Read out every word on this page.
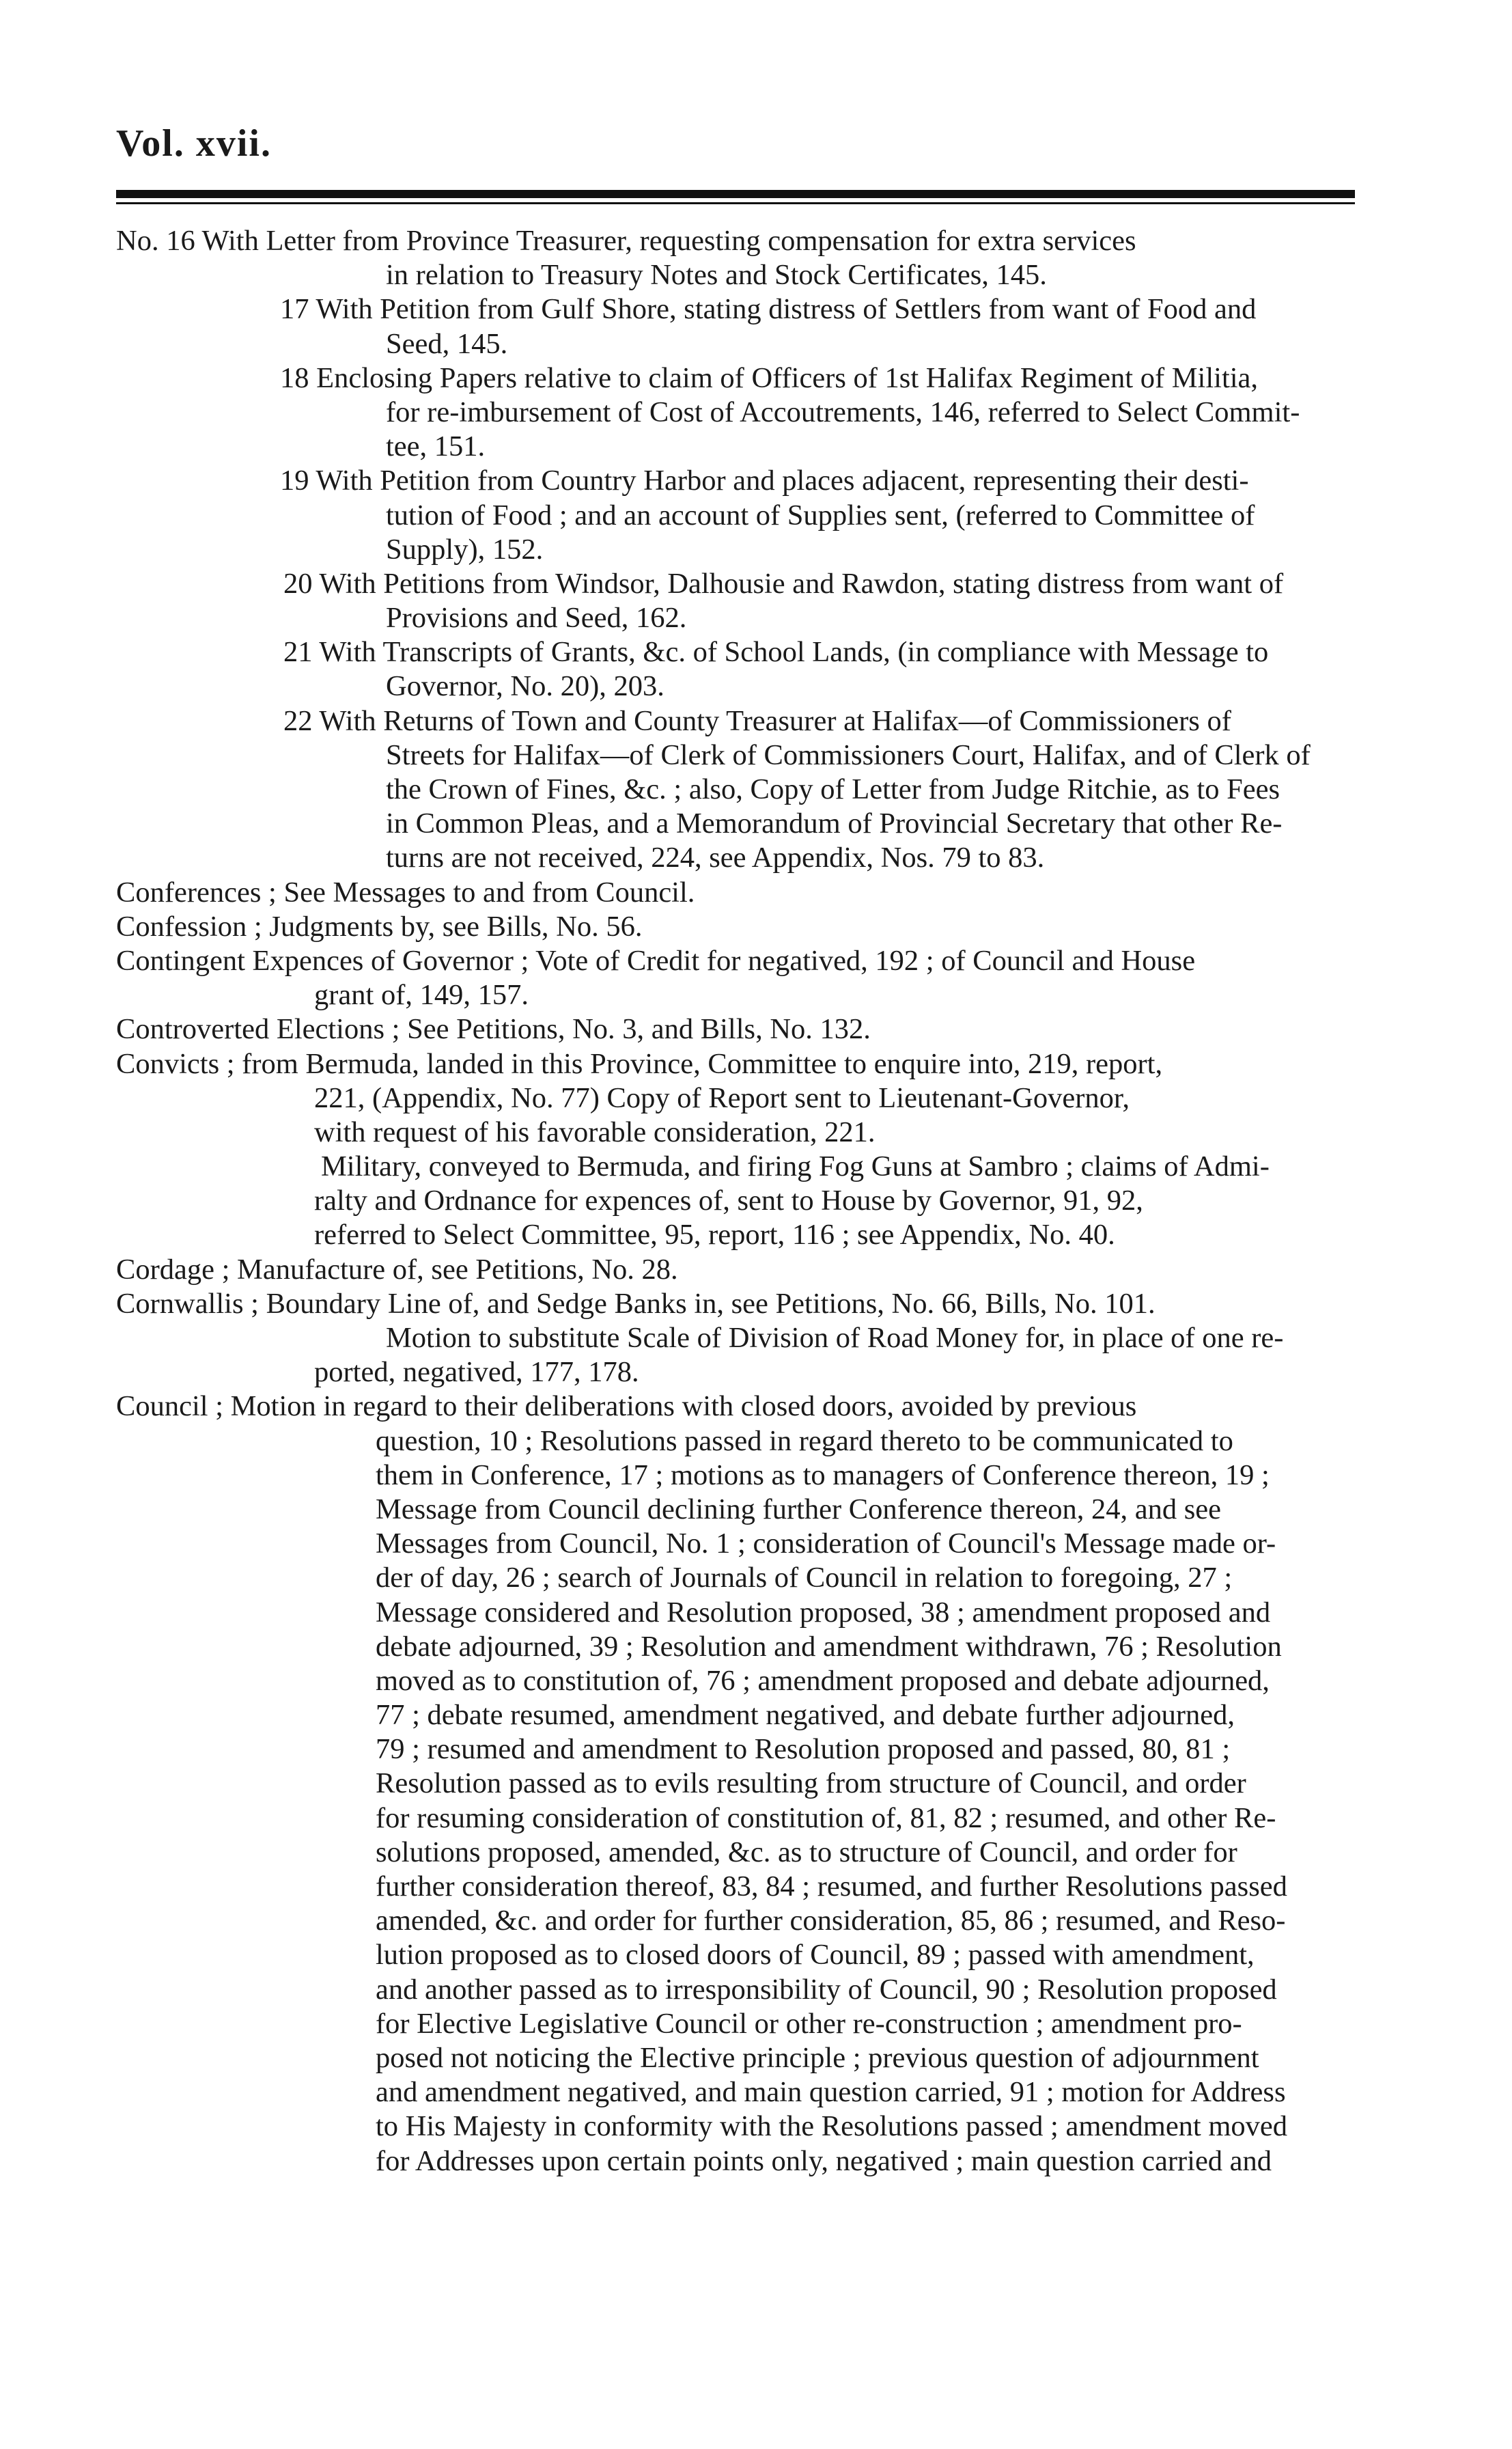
Vol. xvii.
No. 16 With Letter from Province Treasurer, requesting compensation for extra services
in relation to Treasury Notes and Stock Certificates, 145.
17 With Petition from Gulf Shore, stating distress of Settlers from want of Food and
Seed, 145.
18 Enclosing Papers relative to claim of Officers of 1st Halifax Regiment of Militia,
for re-imbursement of Cost of Accoutrements, 146, referred to Select Commit-
tee, 151.
19 With Petition from Country Harbor and places adjacent, representing their desti-
tution of Food ; and an account of Supplies sent, (referred to Committee of
Supply), 152.
20 With Petitions from Windsor, Dalhousie and Rawdon, stating distress from want of
Provisions and Seed, 162.
21 With Transcripts of Grants, &c. of School Lands, (in compliance with Message to
Governor, No. 20), 203.
22 With Returns of Town and County Treasurer at Halifax—of Commissioners of
Streets for Halifax—of Clerk of Commissioners Court, Halifax, and of Clerk of
the Crown of Fines, &c. ; also, Copy of Letter from Judge Ritchie, as to Fees
in Common Pleas, and a Memorandum of Provincial Secretary that other Re-
turns are not received, 224, see Appendix, Nos. 79 to 83.
Conferences ; See Messages to and from Council.
Confession ; Judgments by, see Bills, No. 56.
Contingent Expences of Governor ; Vote of Credit for negatived, 192 ; of Council and House
grant of, 149, 157.
Controverted Elections ; See Petitions, No. 3, and Bills, No. 132.
Convicts ; from Bermuda, landed in this Province, Committee to enquire into, 219, report,
221, (Appendix, No. 77) Copy of Report sent to Lieutenant-Governor,
with request of his favorable consideration, 221.
Military, conveyed to Bermuda, and firing Fog Guns at Sambro ; claims of Admi-
ralty and Ordnance for expences of, sent to House by Governor, 91, 92,
referred to Select Committee, 95, report, 116 ; see Appendix, No. 40.
Cordage ; Manufacture of, see Petitions, No. 28.
Cornwallis ; Boundary Line of, and Sedge Banks in, see Petitions, No. 66, Bills, No. 101.
Motion to substitute Scale of Division of Road Money for, in place of one re-
ported, negatived, 177, 178.
Council ; Motion in regard to their deliberations with closed doors, avoided by previous
question, 10 ; Resolutions passed in regard thereto to be communicated to
them in Conference, 17 ; motions as to managers of Conference thereon, 19 ;
Message from Council declining further Conference thereon, 24, and see
Messages from Council, No. 1 ; consideration of Council's Message made or-
der of day, 26 ; search of Journals of Council in relation to foregoing, 27 ;
Message considered and Resolution proposed, 38 ; amendment proposed and
debate adjourned, 39 ; Resolution and amendment withdrawn, 76 ; Resolution
moved as to constitution of, 76 ; amendment proposed and debate adjourned,
77 ; debate resumed, amendment negatived, and debate further adjourned,
79 ; resumed and amendment to Resolution proposed and passed, 80, 81 ;
Resolution passed as to evils resulting from structure of Council, and order
for resuming consideration of constitution of, 81, 82 ; resumed, and other Re-
solutions proposed, amended, &c. as to structure of Council, and order for
further consideration thereof, 83, 84 ; resumed, and further Resolutions passed
amended, &c. and order for further consideration, 85, 86 ; resumed, and Reso-
lution proposed as to closed doors of Council, 89 ; passed with amendment,
and another passed as to irresponsibility of Council, 90 ; Resolution proposed
for Elective Legislative Council or other re-construction ; amendment pro-
posed not noticing the Elective principle ; previous question of adjournment
and amendment negatived, and main question carried, 91 ; motion for Address
to His Majesty in conformity with the Resolutions passed ; amendment moved
for Addresses upon certain points only, negatived ; main question carried and
